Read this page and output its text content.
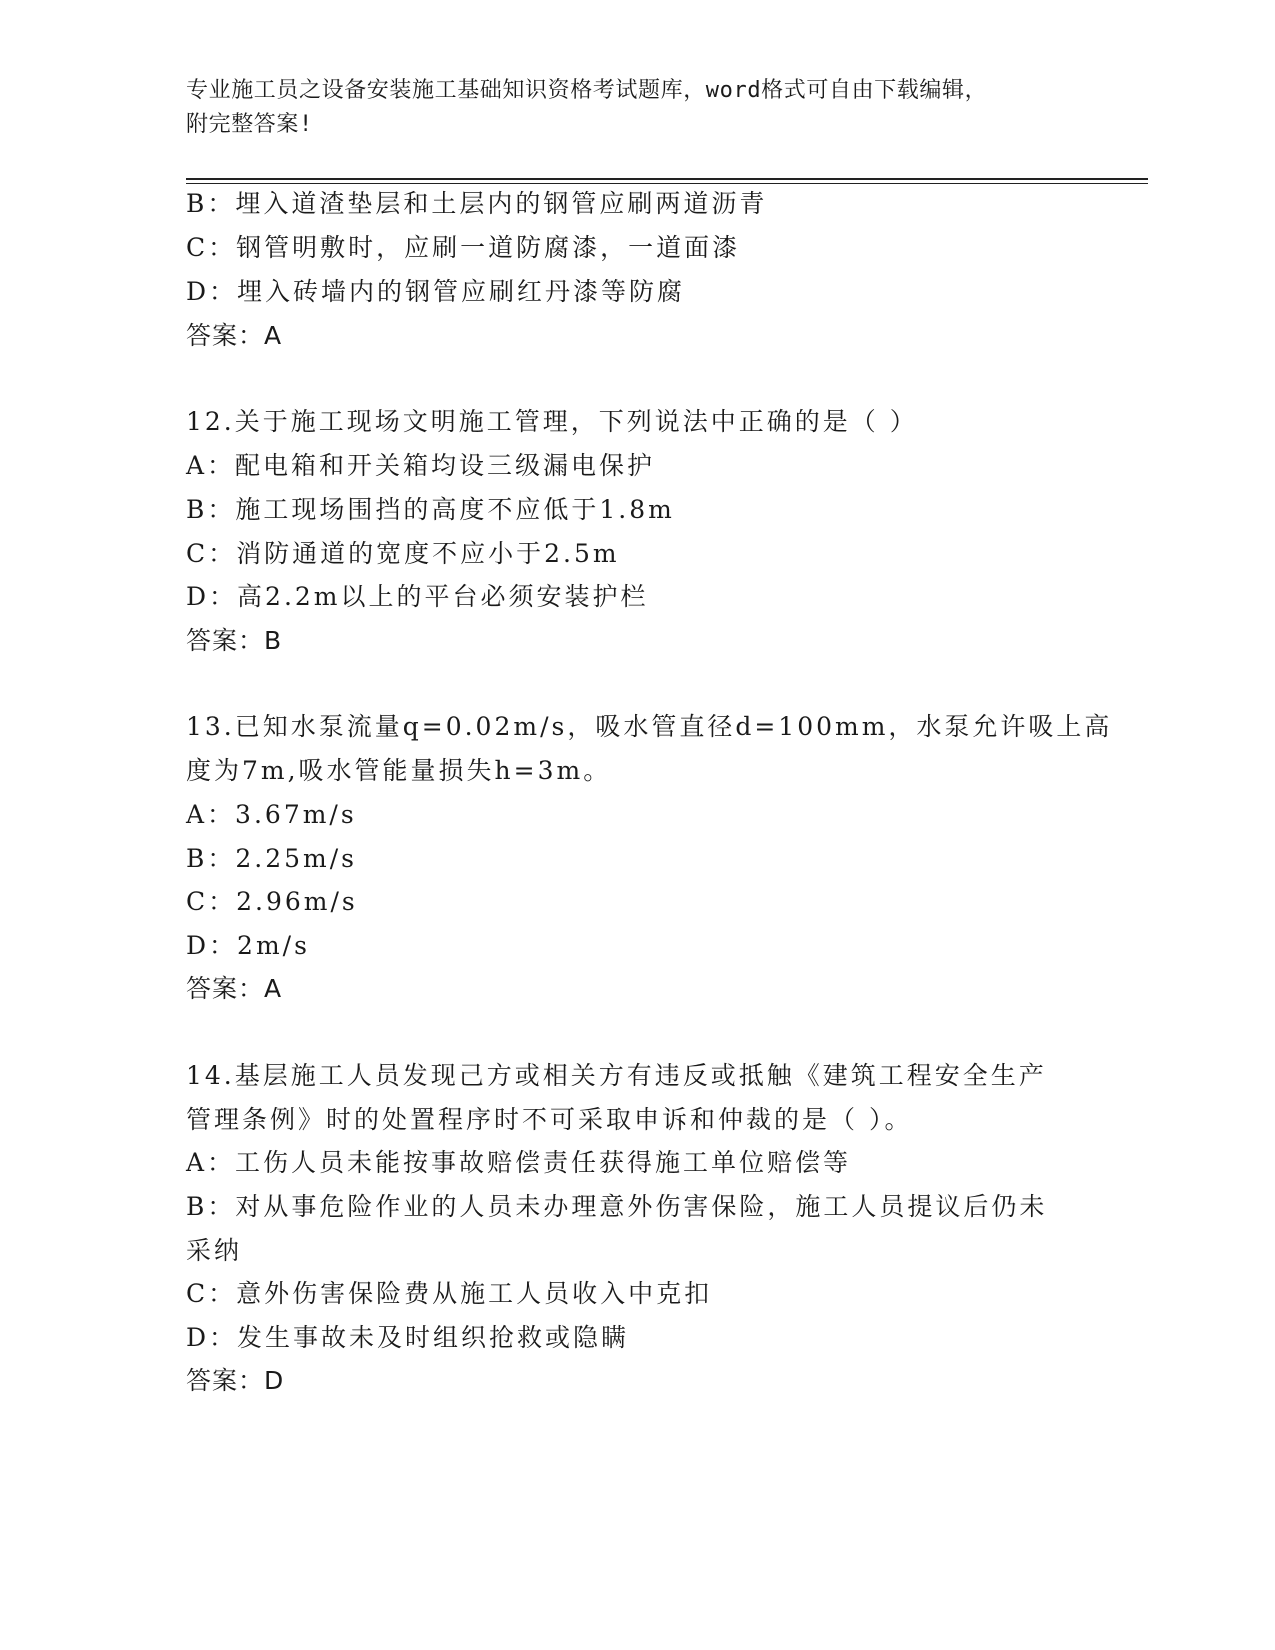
专业施工员之设备安装施工基础知识资格考试题库，word格式可自由下载编辑，
附完整答案!
B：埋入道渣垫层和土层内的钢管应刷两道沥青
C：钢管明敷时，应刷一道防腐漆，一道面漆
D：埋入砖墙内的钢管应刷红丹漆等防腐
答案：A
12.关于施工现场文明施工管理，下列说法中正确的是（ ）
A：配电箱和开关箱均设三级漏电保护
B：施工现场围挡的高度不应低于1.8m
C：消防通道的宽度不应小于2.5m
D：高2.2m以上的平台必须安装护栏
答案：B
13.已知水泵流量q=0.02m/s，吸水管直径d=100mm，水泵允许吸上高
度为7m,吸水管能量损失h=3m。
A：3.67m/s
B：2.25m/s
C：2.96m/s
D：2m/s
答案：A
14.基层施工人员发现己方或相关方有违反或抵触《建筑工程安全生产
管理条例》时的处置程序时不可采取申诉和仲裁的是（ ）。
A：工伤人员未能按事故赔偿责任获得施工单位赔偿等
B：对从事危险作业的人员未办理意外伤害保险，施工人员提议后仍未
采纳
C：意外伤害保险费从施工人员收入中克扣
D：发生事故未及时组织抢救或隐瞒
答案：D
